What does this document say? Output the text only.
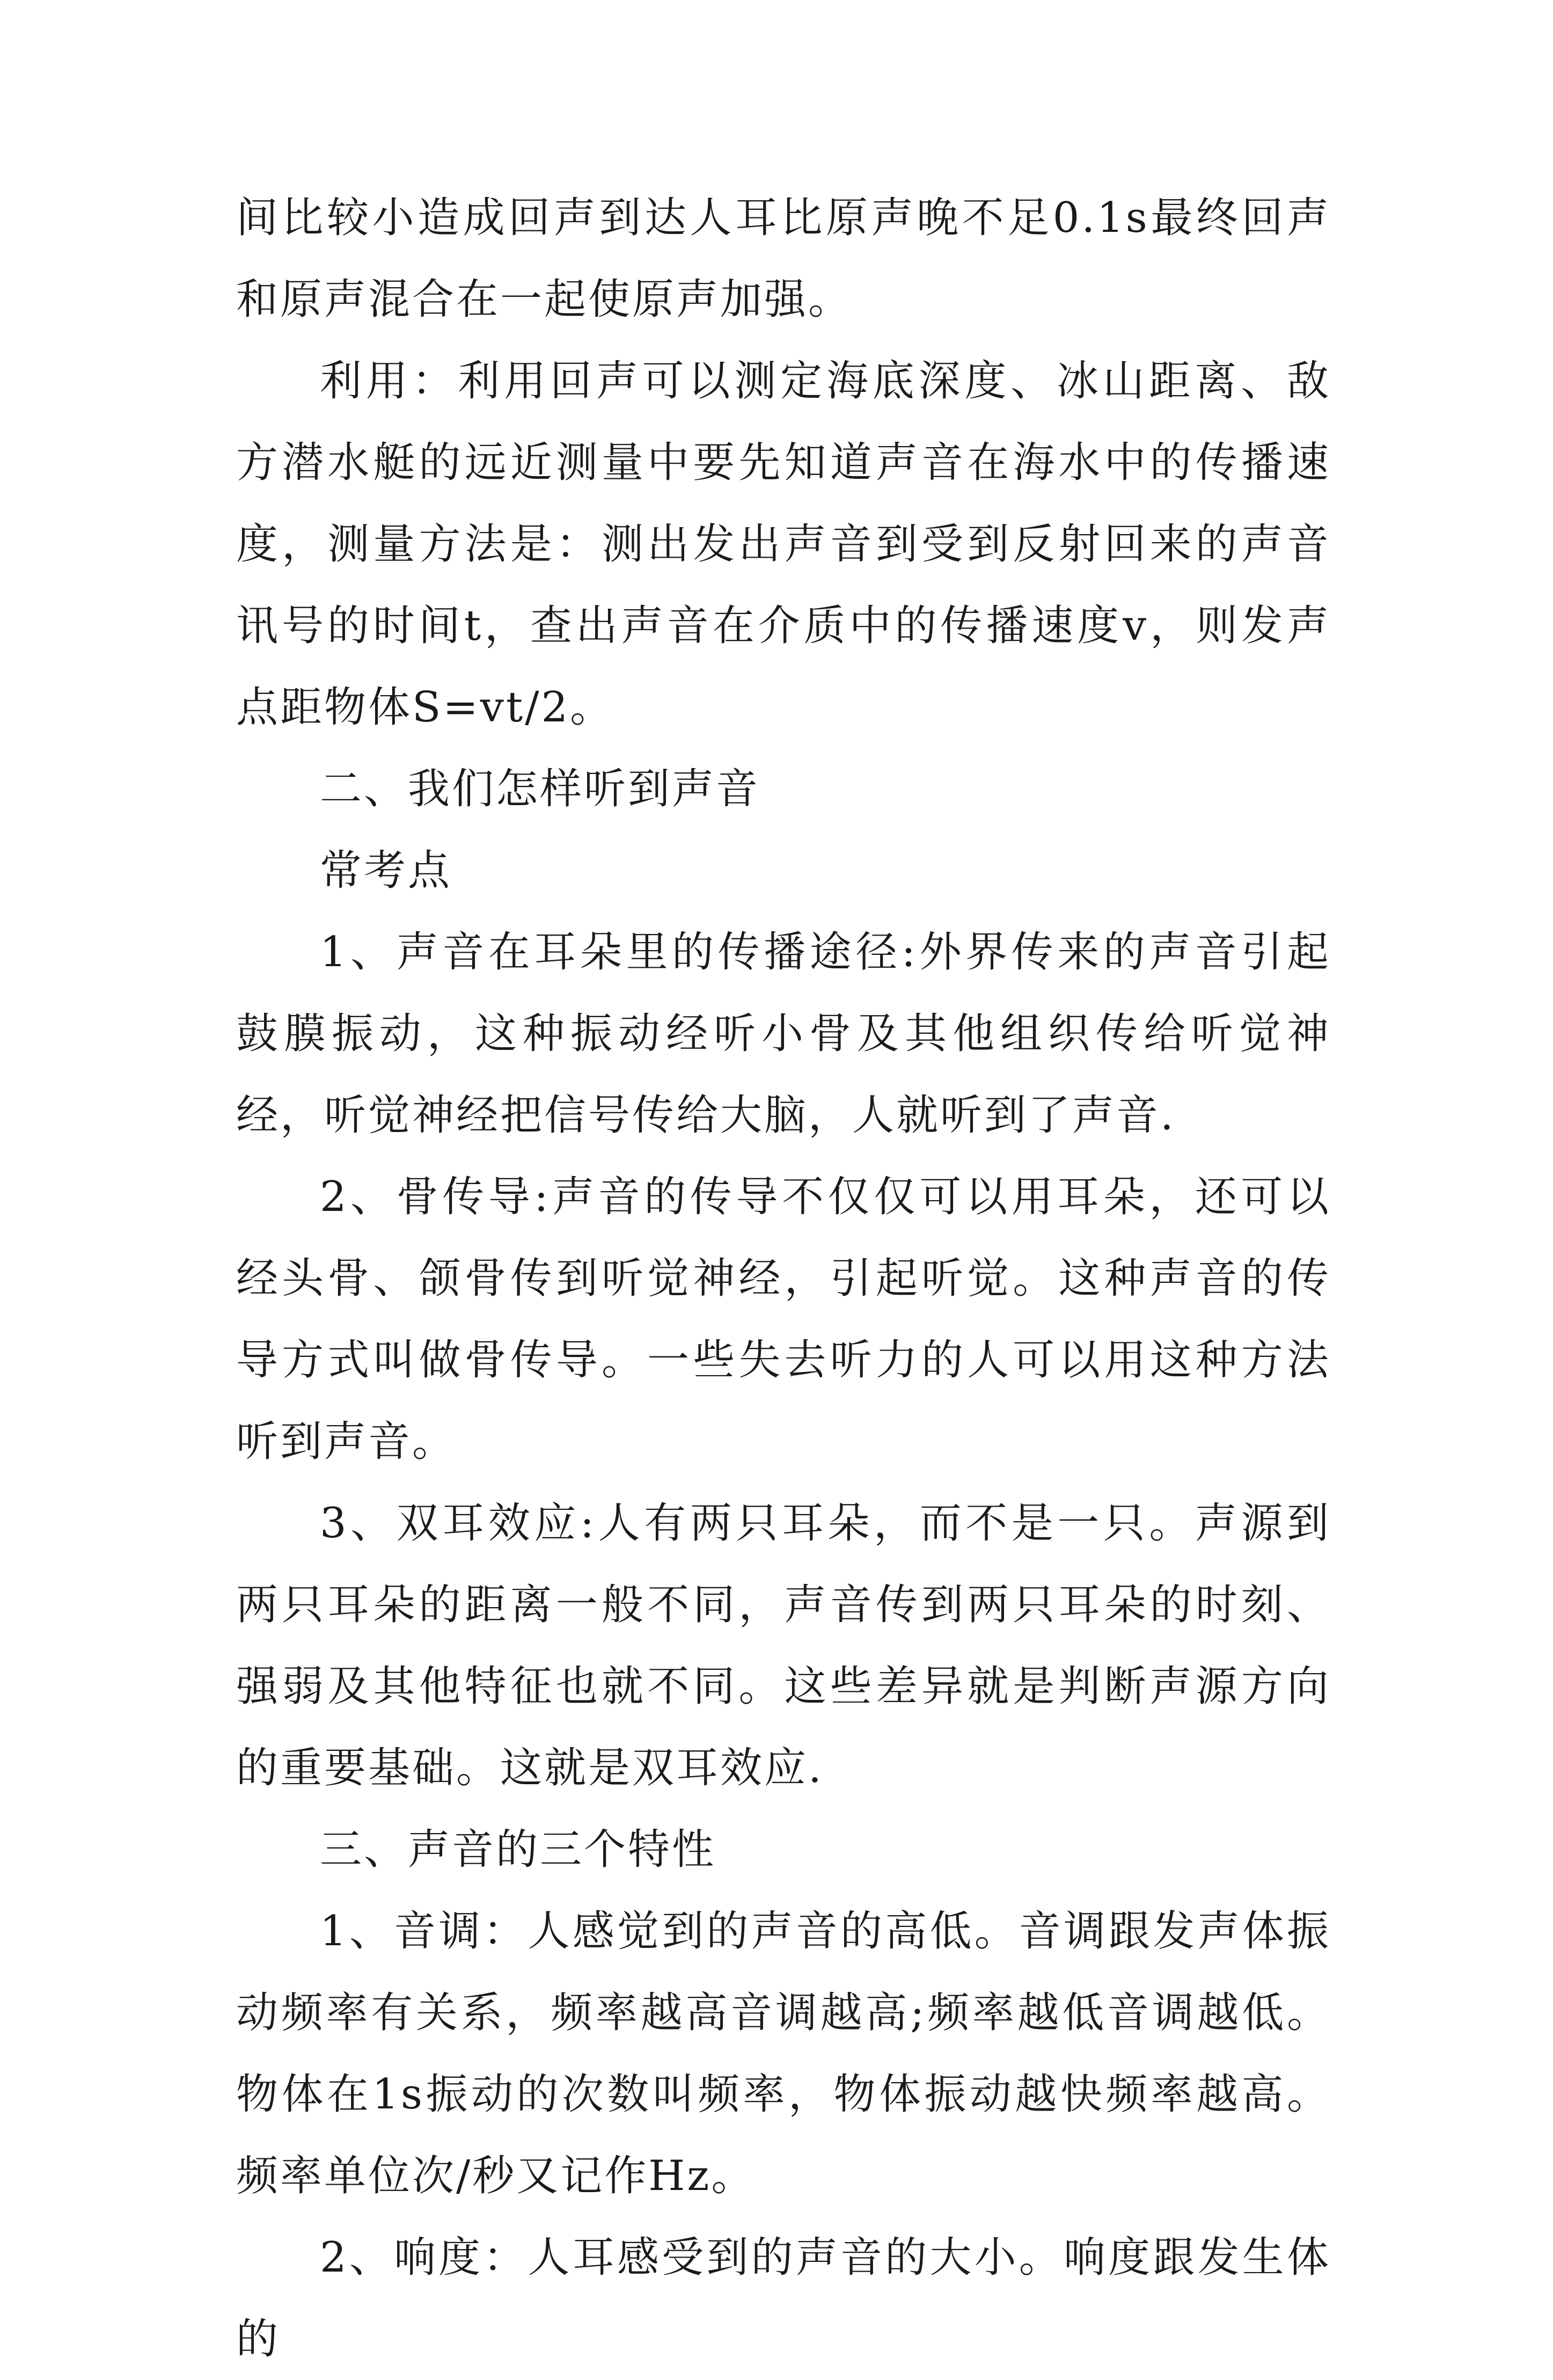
间比较小造成回声到达人耳比原声晚不足0.1s最终回声和原声混合在一起使原声加强。

利用：利用回声可以测定海底深度、冰山距离、敌方潜水艇的远近测量中要先知道声音在海水中的传播速度，测量方法是：测出发出声音到受到反射回来的声音讯号的时间t，查出声音在介质中的传播速度v，则发声点距物体S=vt/2。

二、我们怎样听到声音

常考点

1、声音在耳朵里的传播途径:外界传来的声音引起鼓膜振动，这种振动经听小骨及其他组织传给听觉神经，听觉神经把信号传给大脑，人就听到了声音.

2、骨传导:声音的传导不仅仅可以用耳朵，还可以经头骨、颌骨传到听觉神经，引起听觉。这种声音的传导方式叫做骨传导。一些失去听力的人可以用这种方法听到声音。

3、双耳效应:人有两只耳朵，而不是一只。声源到两只耳朵的距离一般不同，声音传到两只耳朵的时刻、强弱及其他特征也就不同。这些差异就是判断声源方向的重要基础。这就是双耳效应.

三、声音的三个特性

1、音调：人感觉到的声音的高低。音调跟发声体振动频率有关系，频率越高音调越高;频率越低音调越低。物体在1s振动的次数叫频率，物体振动越快频率越高。频率单位次/秒又记作Hz。

2、响度：人耳感受到的声音的大小。响度跟发生体的
